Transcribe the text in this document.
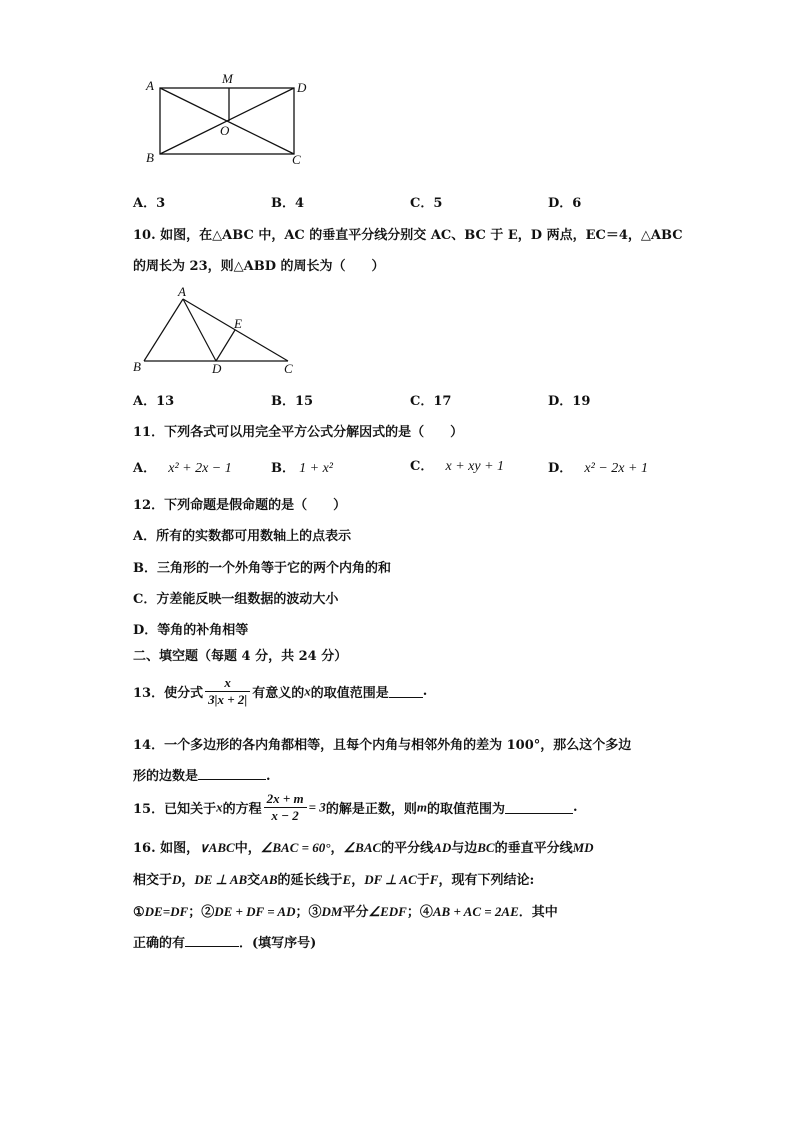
A	M
D
O
B	C
A．3	B．4	C．5	D．6
10. 如图，在△ABC 中，AC 的垂直平分线分别交 AC、BC 于 E，D 两点，EC＝4，△ABC
的周长为 23，则△ABD 的周长为（　　）
A
E
B	D	C
A．13	B．15	C．17	D．19
11．下列各式可以用完全平方公式分解因式的是（　　）
A． x² + 2x − 1	B． 1 + x²	C． x + xy + 1	D． x² − 2x + 1
12．下列命题是假命题的是（　　）
A．所有的实数都可用数轴上的点表示
B．三角形的一个外角等于它的两个内角的和
C．方差能反映一组数据的波动大小
D．等角的补角相等
二、填空题（每题 4 分，共 24 分）
13．使分式 $\frac{x}{3|x + 2|}$ 有意义的x的取值范围是	.
14．一个多边形的各内角都相等，且每个内角与相邻外角的差为 100°，那么这个多边
形的边数是	.
15．已知关于x的方程 $\frac{2x + m}{x - 2} = 3$的解是正数，则m的取值范围为	.
16. 如图，∨ABC中，∠BAC = 60°，∠BAC的平分线AD与边BC的垂直平分线MD
相交于D，DE ⊥ AB交AB的延长线于E，DF ⊥ AC于F，现有下列结论:
①DE=DF；②DE + DF = AD；③DM平分∠EDF；④AB + AC = 2AE．其中
正确的有	．(填写序号)
